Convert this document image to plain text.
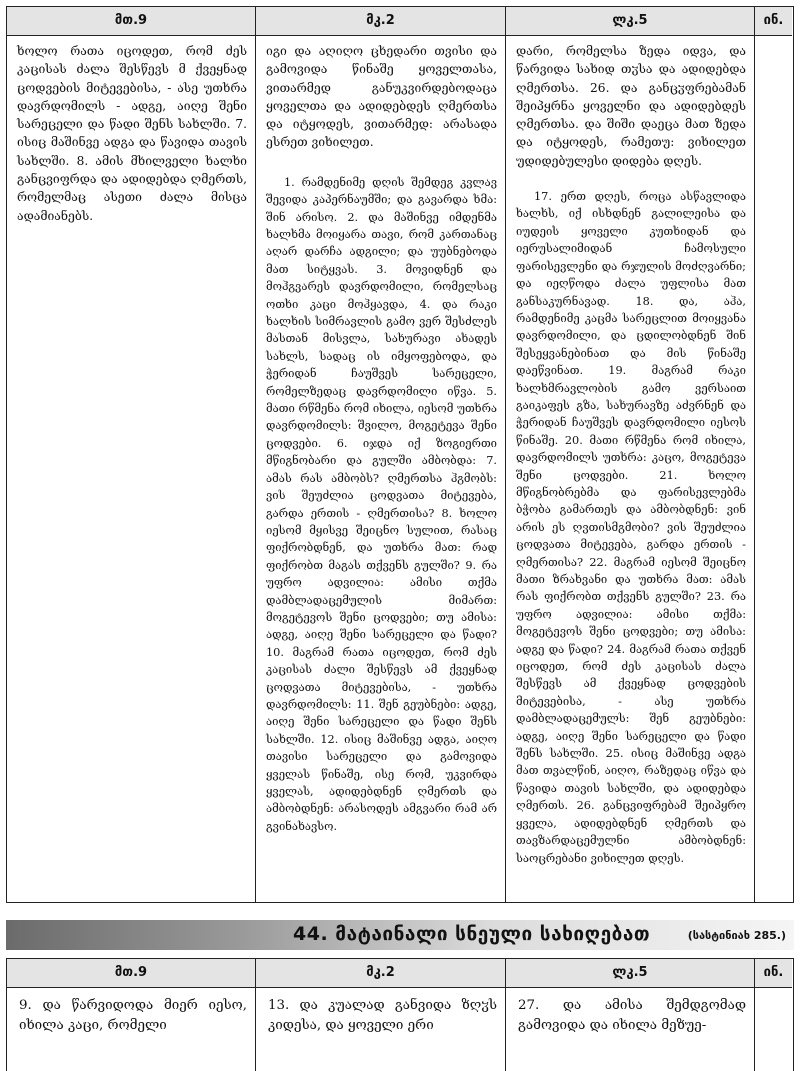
მთ.9
ხოლო რათა იცოდეთ, რომ ძეს კაცისას ძალა შესწევს მ ქვეყნად ცოდვების მიტევებისა, - ასე უთხრა დავრდომილს - ადგე, აიღე შენი სარეცელი და წადი შენს სახლში. 7. ისიც მაშინვე ადგა და წავიდა თავის სახლში. 8. ამის მხილველი ხალხი განცვიფრდა და ადიდებდა ღმერთს, რომელმაც ასეთი ძალა მისცა ადამიანებს.
მკ.2
იგი და აღიღო ცხედარი თვისი და გამოვიდა წინაშე ყოველთასა, ვითარმედ განუკვირდებოდაცა ყოველთა და ადიდებდეს ღმერთსა და იტყოდეს, ვითარმედ: არასადა ესრეთ ვიხილეთ.
1. რამდენიმე დღის შემდეგ კვლავ შევიდა კაპერნაუმში; და გავარდა ხმა: შინ არისო. 2. და მაშინვე იმდენმა ხალხმა მოიყარა თავი, რომ კართანაც აღარ დარჩა ადგილი; და უუბნებოდა მათ სიტყვას. 3. მოვიდნენ და მოჰგვარეს დავრდომილი, რომელსაც ოთხი კაცი მოჰყავდა, 4. და რაკი ხალხის სიმრავლის გამო ვერ შესძლეს მასთან მისვლა, სახურავი ახადეს სახლს, სადაც ის იმყოფებოდა, და ჭერიდან ჩაუშვეს სარეცელი, რომელზედაც დავრდომილი იწვა. 5. მათი რწმენა რომ იხილა, იესომ უთხრა დავრდომილს: შვილო, მოგეტევა შენი ცოდვები. 6. იჯდა იქ ზოგიერთი მწიგნობარი და გულში ამბობდა: 7. ამას რას ამბობს? ღმერთსა ჰგმობს: ვის შეუძლია ცოდვათა მიტევება, გარდა ერთის - ღმერთისა? 8. ხოლო იესომ მყისვე შეიცნო სულით, რასაც ფიქრობდნენ, და უთხრა მათ: რად ფიქრობთ მაგას თქვენს გულში? 9. რა უფრო ადვილია: ამისი თქმა დამბლადაცემულის მიმართ: მოგეტევოს შენი ცოდვები; თუ ამისა: ადგე, აიღე შენი სარეცელი და წადი? 10. მაგრამ რათა იცოდეთ, რომ ძეს კაცისას ძალი შესწევს ამ ქვეყნად ცოდვათა მიტევებისა, - უთხრა დავრდომილს: 11. შენ გეუბნები: ადგე, აიღე შენი სარეცელი და წადი შენს სახლში. 12. ისიც მაშინვე ადგა, აიღო თავისი სარეცელი და გამოვიდა ყველას წინაშე, ისე რომ, უკვირდა ყველას, ადიდებდნენ ღმერთს და ამბობდნენ: არასოდეს ამგვარი რამ არ გვინახავსო.
ლკ.5
დარი, რომელსა ზედა იდვა, და წარვიდა სახიდ თჳსა და ადიდებდა ღმერთსა. 26. და განცჳფრებამან შეიპყრნა ყოველნი და ადიდებდეს ღმერთსა. და შიში დაეცა მათ ზედა და იტყოდეს, რამეთუ: ვიხილეთ უდიდებულესი დიდება დღეს.
17. ერთ დღეს, როცა ასწავლიდა ხალხს, იქ ისხდნენ გალილეისა და იუდეის ყოველი კუთხიდან და იერუსალიმიდან ჩამოსული ფარისევლენი და რჯულის მოძღვარნი; და იეღწოდა ძალა უფლისა მათ განსაკურნავად. 18. და, აჰა, რამდენიმე კაცმა სარეცლით მოიყვანა დავრდომილი, და ცდილობდნენ შინ შესეყვანებინათ და მის წინაშე დაეწვინათ. 19. მაგრამ რაკი ხალხმრავლობის გამო ვერსაით გაიკაფეს გზა, სახურავზე აძვრნენ და ჭერიდან ჩაუშვეს დავრდომილი იესოს წინაშე. 20. მათი რწმენა რომ იხილა, დავრდომილს უთხრა: კაცო, მოგეტევა შენი ცოდვები. 21. ხოლო მწიგნობრებმა და ფარისევლებმა ბჭობა გამართეს და ამბობდნენ: ვინ არის ეს ღვთისმგმობი? ვის შეუძლია ცოდვათა მიტევება, გარდა ერთის - ღმერთისა? 22. მაგრამ იესომ შეიცნო მათი ზრახვანი და უთხრა მათ: ამას რას ფიქრობთ თქვენს გულში? 23. რა უფრო ადვილია: ამისი თქმა: მოგეტევოს შენი ცოდვები; თუ ამისა: ადგე და წადი? 24. მაგრამ რათა თქვენ იცოდეთ, რომ ძეს კაცისას ძალა შესწევს ამ ქვეყნად ცოდვების მიტევებისა, - ასე უთხრა დამბლადაცემულს: შენ გეუბნები: ადგე, აიღე შენი სარეცელი და წადი შენს სახლში. 25. ისიც მაშინვე ადგა მათ თვალწინ, აიღო, რაზედაც იწვა და წავიდა თავის სახლში, და ადიდებდა ღმერთს. 26. განცვიფრებამ შეიპყრო ყველა, ადიდებდნენ ღმერთს და თავზარდაცემულნი ამბობდნენ: საოცრებანი ვიხილეთ დღეს.
ინ.
44. მატაინალი სნეული სახიღებათ	(სასტინიახ 285.)
მთ.9
9. და წარვიდოდა მიერ იესო, იხილა კაცი, რომელი
მკ.2
13. და კუალად განვიდა ზღჳს კიდესა, და ყოველი ერი
ლკ.5
27. და ამისა შემდგომად გამოვიდა და იხილა მეზუე-
ინ.
